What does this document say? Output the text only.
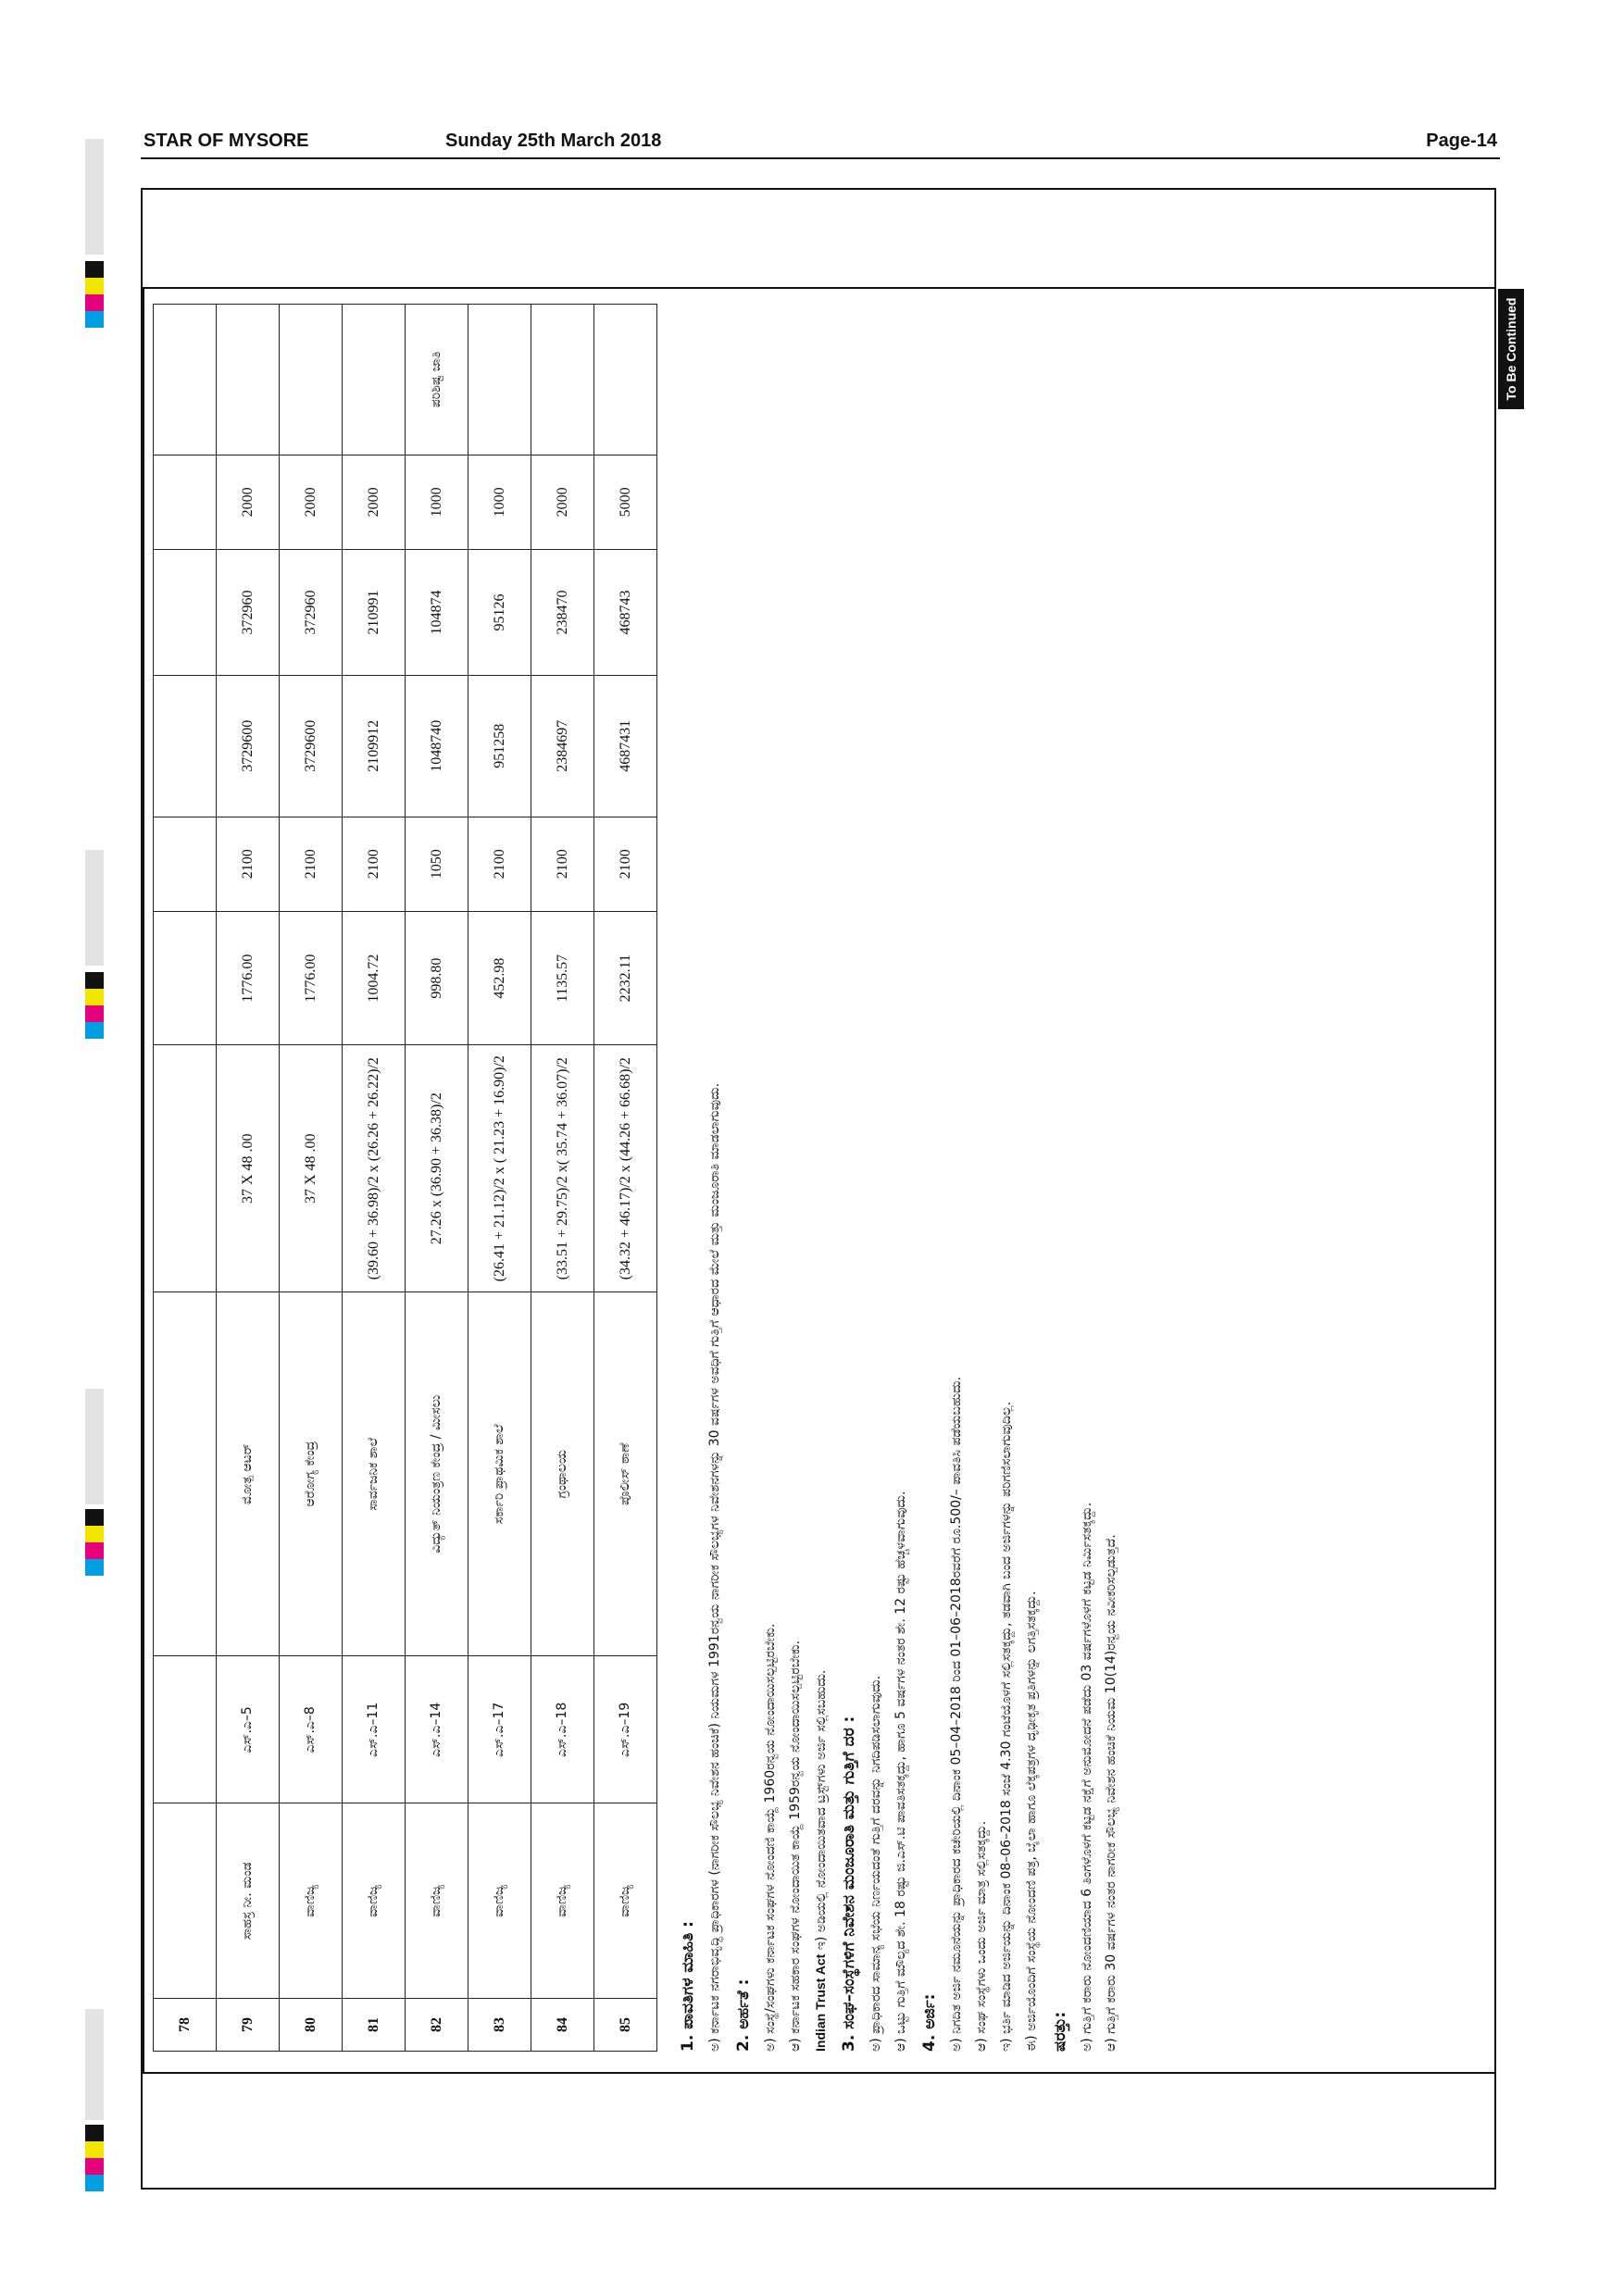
STAR OF MYSORE	Sunday 25th March 2018	Page-14
To Be Continued
78										
79	ಸಾಹಸ್ರ ನೀ. ಮಂಡ	ಎಸ್.ಎ–5	ಮೋತ್ಪ ಆಟರ್	37 X 48 .00	1776.00	2100	3729600	372960	2000	
80	ವಾಣಿಜ್ಯ	ಎಸ್.ಎ–8	ಆರೋಗ್ಯ ಕೇಂದ್ರ	37 X 48 .00	1776.00	2100	3729600	372960	2000	
81	ವಾಣಿಜ್ಯ	ಎಸ್.ಎ–11	ಸಾರ್ವಜನಿಕ ಶಾಲೆ	(39.60 + 36.98)/2 x (26.26 + 26.22)/2	1004.72	2100	2109912	210991	2000	
82	ವಾಣಿಜ್ಯ	ಎಸ್.ಎ–14	ವಿದ್ಯುತ್ ನಿಯಂತ್ರಣ ಕೇಂದ್ರ / ಮೀಸಲು	27.26 x (36.90 + 36.38)/2	998.80	1050	1048740	104874	1000	ಪರಿಶಿಷ್ಟ ಜಾತಿ
83	ವಾಣಿಜ್ಯ	ಎಸ್.ಎ–17	ಸರ್ಕಾರಿ ಪ್ರಾಥಮಿಕ ಶಾಲೆ	(26.41 + 21.12)/2 x ( 21.23 + 16.90)/2	452.98	2100	951258	95126	1000	
84	ವಾಣಿಜ್ಯ	ಎಸ್.ಎ–18	ಗ್ರಂಥಾಲಯ	(33.51 + 29.75)/2 x( 35.74 + 36.07)/2	1135.57	2100	2384697	238470	2000	
85	ವಾಣಿಜ್ಯ	ಎಸ್.ಎ–19	ಪೊಲೀಸ್ ಠಾಣೆ	(34.32 + 46.17)/2 x (44.26 + 66.68)/2	2232.11	2100	4687431	468743	5000	
1. ಪಾವತಿಗಳ ಮಾಹಿತಿ : ಅ) ಕರ್ನಾಟಕ ನಗರಾಭಿವೃದ್ಧಿ ಪ್ರಾಧಿಕಾರಗಳ (ನಾಗರೀಕ ಸೌಲಭ್ಯ ನಿವೇಶನ ಹಂಚಿಕೆ) ನಿಯಮಗಳ 1991ರನ್ವಯ ನಾಗರೀಕ ಸೌಲಭ್ಯಗಳ ನಿವೇಶನಗಳನ್ನು 30 ವರ್ಷಗಳ ಅವಧಿಗೆ ಗುತ್ತಿಗೆ ಆಧಾರದ ಮೇಲೆ ಮತ್ತು ಮಂಜೂರಾತಿ ಮಾಡಲಾಗುವುದು. 2. ಅರ್ಹತೆ : ಅ) ಸಂಸ್ಥೆ/ಸಂಘಗಳು ಕರ್ನಾಟಕ ಸಂಘಗಳ ನೋಂದಣಿ ಕಾಯ್ದೆ 1960ರನ್ವಯ ನೋಂದಾಯಿಸಲ್ಪಟ್ಟಿರಬೇಕು. ಆ) ಕರ್ನಾಟಕ ಸಹಕಾರ ಸಂಘಗಳ ನೋಂದಾಯಿತ ಕಾಯ್ದೆ 1959ರನ್ವಯ ನೋಂದಾಯಿಸಲ್ಪಟ್ಟಿರಬೇಕು. Indian Trust Act ಇ) ಅಡಿಯಲ್ಲಿ ನೋಂದಾಯಿತವಾದ ಟ್ರಸ್ಟ್‌ಗಳು ಅರ್ಜಿ ಸಲ್ಲಿಸಬಹುದು. 3. ಸಂಘ–ಸಂಸ್ಥೆಗಳಿಗೆ ನಿವೇಶನ ಮಂಜೂರಾತಿ ಮತ್ತು ಗುತ್ತಿಗೆ ದರ : ಅ) ಪ್ರಾಧಿಕಾರದ ಸಾಮಾನ್ಯ ಸಭೆಯ ನಿರ್ಣಯದಂತೆ ಗುತ್ತಿಗೆ ದರವನ್ನು ನಿಗದಿಪಡಿಸಲಾಗುವುದು. ಆ) ಒಟ್ಟು ಗುತ್ತಿಗೆ ಮೌಲ್ಯದ ಶೇ. 18 ರಷ್ಟು ಜಿ.ಎಸ್.ಟಿ ಪಾವತಿಸತಕ್ಕದ್ದು, ಹಾಗೂ 5 ವರ್ಷಗಳ ನಂತರ ಶೇ. 12 ರಷ್ಟು ಹೆಚ್ಚಳವಾಗುವುದು. 4. ಅರ್ಜಿ: ಅ) ನಿಗದಿತ ಅರ್ಜಿ ನಮೂನೆಯನ್ನು ಪ್ರಾಧಿಕಾರದ ಕಚೇರಿಯಲ್ಲಿ ದಿನಾಂಕ 05–04–2018 ರಿಂದ 01–06–2018ರವರೆಗೆ ರೂ.500/– ಪಾವತಿಸಿ ಪಡೆಯಬಹುದು. ಆ) ಸಂಘ ಸಂಸ್ಥೆಗಳು ಒಂದು ಅರ್ಜಿ ಮಾತ್ರ ಸಲ್ಲಿಸತಕ್ಕದ್ದು. ಇ) ಭರ್ತಿ ಮಾಡಿದ ಅರ್ಜಿಯನ್ನು ದಿನಾಂಕ 08–06–2018 ಸಂಜೆ 4.30 ಗಂಟೆಯೊಳಗೆ ಸಲ್ಲಿಸತಕ್ಕದ್ದು, ತಡವಾಗಿ ಬಂದ ಅರ್ಜಿಗಳನ್ನು ಪರಿಗಣಿಸಲಾಗುವುದಿಲ್ಲ. ಈ) ಅರ್ಜಿಯೊಂದಿಗೆ ಸಂಸ್ಥೆಯ ನೋಂದಣಿ ಪತ್ರ, ಬೈಲಾ ಹಾಗೂ ಲೆಕ್ಕಪತ್ರಗಳ ದೃಢೀಕೃತ ಪ್ರತಿಗಳನ್ನು ಲಗತ್ತಿಸತಕ್ಕದ್ದು. ಷರತ್ತು: ಅ) ಗುತ್ತಿಗೆ ಕರಾರು ನೋಂದಣಿಯಾದ 6 ತಿಂಗಳೊಳಗೆ ಕಟ್ಟಡ ನಕ್ಷೆಗೆ ಅನುಮೋದನೆ ಪಡೆದು 03 ವರ್ಷಗಳೊಳಗೆ ಕಟ್ಟಡ ನಿರ್ಮಿಸತಕ್ಕದ್ದು. ಆ) ಗುತ್ತಿಗೆ ಕರಾರು 30 ವರ್ಷಗಳ ನಂತರ ನಾಗರೀಕ ಸೌಲಭ್ಯ ನಿವೇಶನ ಹಂಚಿಕೆ ನಿಯಮ 10(14)ರನ್ವಯ ನವೀಕರಿಸಲ್ಪಡುತ್ತದೆ.
